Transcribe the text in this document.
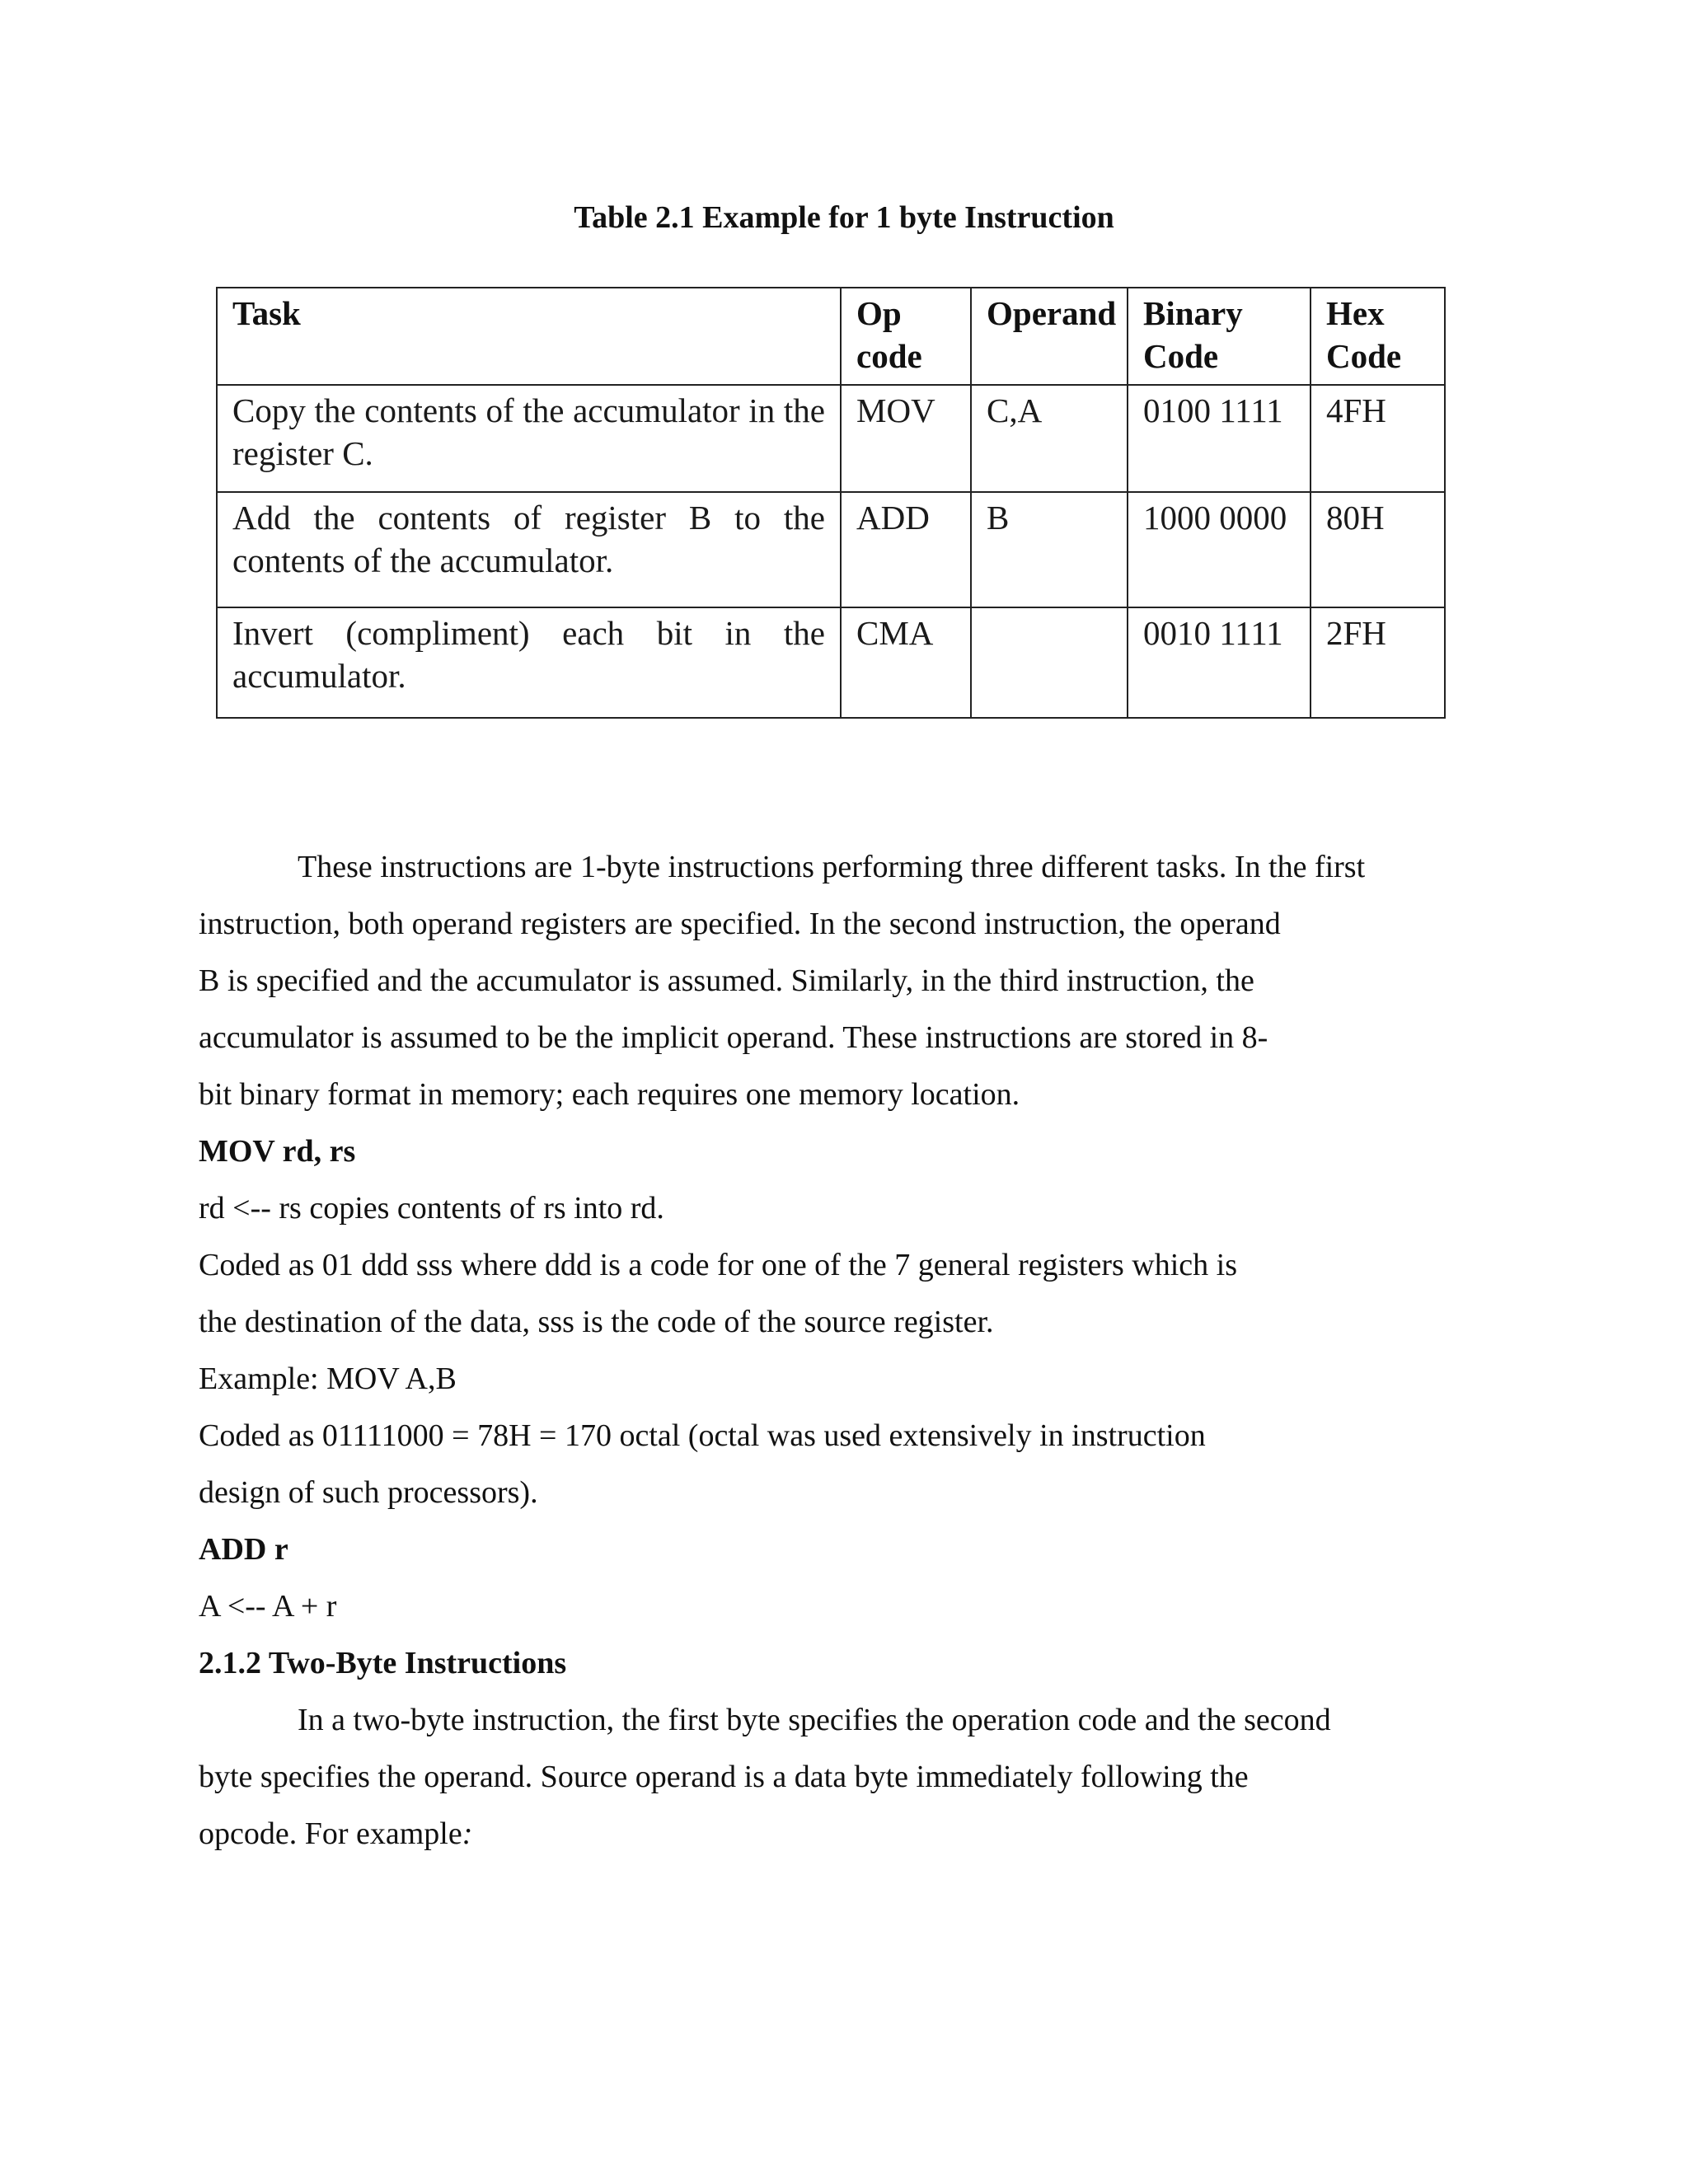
Table 2.1 Example for 1 byte Instruction
Task	Op code	Operand	Binary Code	Hex Code
Copy the contents of the accumulator in the register C.	MOV	C,A	0100 1111	4FH
Add the contents of register B to the contents of the accumulator.	ADD	B	1000 0000	80H
Invert (compliment) each bit in the accumulator.	CMA		0010 1111	2FH

These instructions are 1-byte instructions performing three different tasks. In the first

instruction, both operand registers are specified. In the second instruction, the operand

B is specified and the accumulator is assumed. Similarly, in the third instruction, the

accumulator is assumed to be the implicit operand. These instructions are stored in 8-

bit binary format in memory; each requires one memory location.

MOV rd, rs

rd <-- rs copies contents of rs into rd.

Coded as 01 ddd sss where ddd is a code for one of the 7 general registers which is

the destination of the data, sss is the code of the source register.

Example: MOV A,B

Coded as 01111000 = 78H = 170 octal (octal was used extensively in instruction

design of such processors).

ADD r

A <-- A + r

2.1.2 Two-Byte Instructions

In a two-byte instruction, the first byte specifies the operation code and the second

byte specifies the operand. Source operand is a data byte immediately following the

opcode. For example:
